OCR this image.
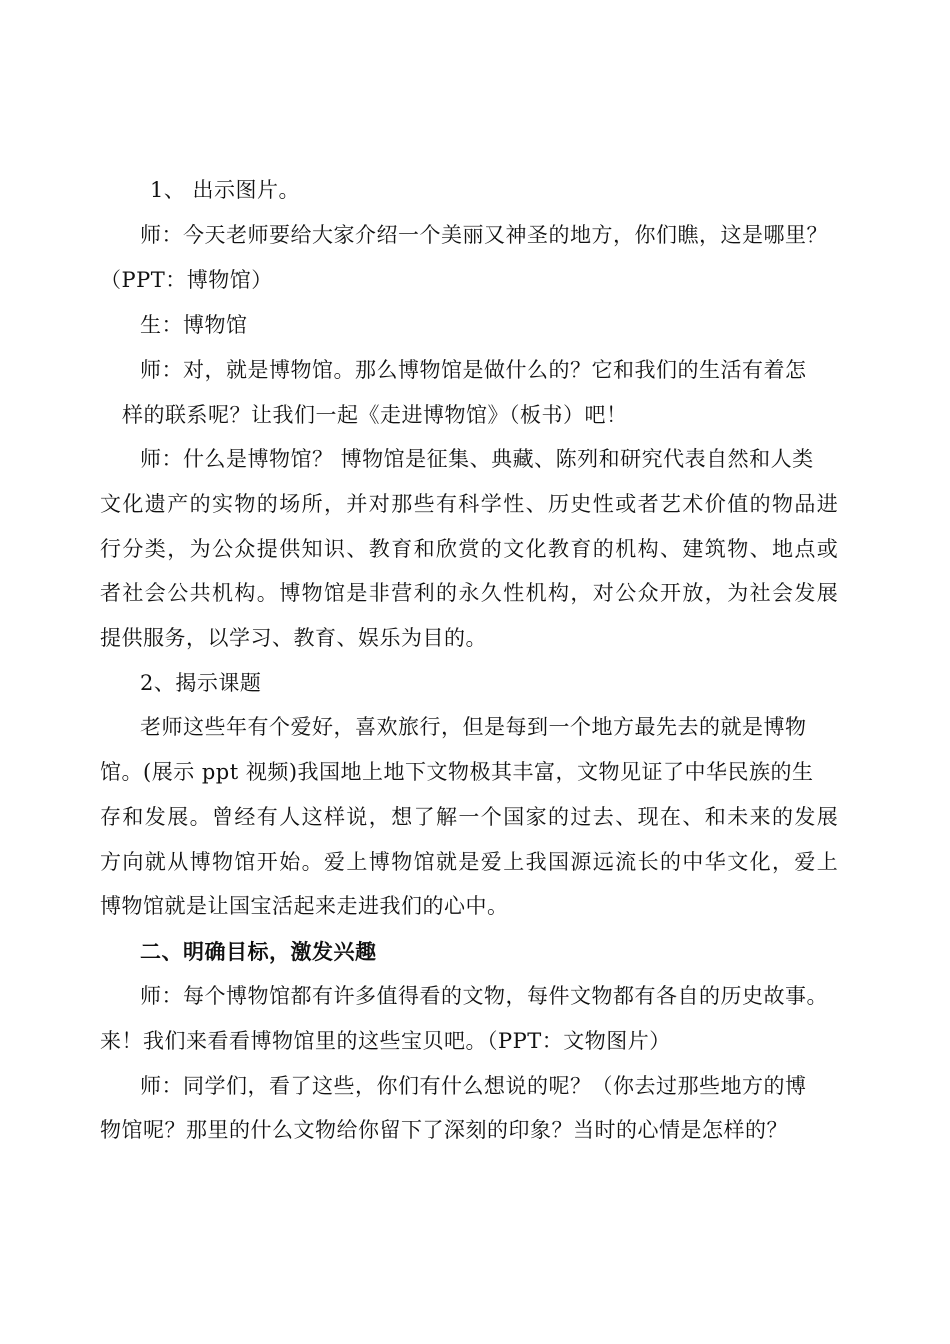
1、 出示图片。
师：今天老师要给大家介绍一个美丽又神圣的地方，你们瞧，这是哪里？
（PPT：博物馆）
生：博物馆
师：对，就是博物馆。那么博物馆是做什么的？它和我们的生活有着怎
样的联系呢？让我们一起《走进博物馆》（板书）吧！
师：什么是博物馆？ 博物馆是征集、典藏、陈列和研究代表自然和人类
文化遗产的实物的场所，并对那些有科学性、历史性或者艺术价值的物品进
行分类，为公众提供知识、教育和欣赏的文化教育的机构、建筑物、地点或
者社会公共机构。博物馆是非营利的永久性机构，对公众开放，为社会发展
提供服务，以学习、教育、娱乐为目的。
2、揭示课题
老师这些年有个爱好，喜欢旅行，但是每到一个地方最先去的就是博物
馆。(展示 ppt 视频)我国地上地下文物极其丰富，文物见证了中华民族的生
存和发展。曾经有人这样说，想了解一个国家的过去、现在、和未来的发展
方向就从博物馆开始。爱上博物馆就是爱上我国源远流长的中华文化，爱上
博物馆就是让国宝活起来走进我们的心中。
二、明确目标，激发兴趣
师：每个博物馆都有许多值得看的文物，每件文物都有各自的历史故事。
来！我们来看看博物馆里的这些宝贝吧。（PPT：文物图片）
师：同学们，看了这些，你们有什么想说的呢？（你去过那些地方的博
物馆呢？那里的什么文物给你留下了深刻的印象？当时的心情是怎样的？
